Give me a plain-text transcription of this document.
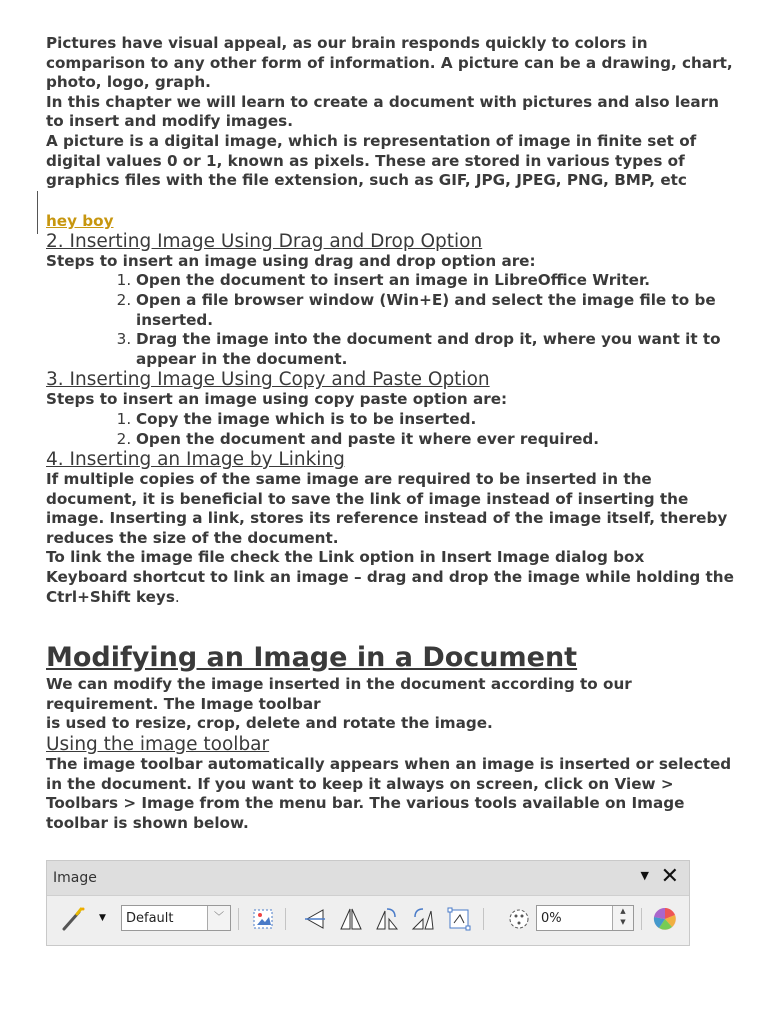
Pictures have visual appeal, as our brain responds quickly to colors in comparison to any other form of information. A picture can be a drawing, chart, photo, logo, graph.

In this chapter we will learn to create a document with pictures and also learn to insert and modify images.

A picture is a digital image, which is representation of image in finite set of digital values 0 or 1, known as pixels. These are stored in various types of graphics files with the file extension, such as GIF, JPG, JPEG, PNG, BMP, etc

hey boy
2. Inserting Image Using Drag and Drop Option

Steps to insert an image using drag and drop option are:

1. Open the document to insert an image in LibreOffice Writer.
2. Open a file browser window (Win+E) and select the image file to be inserted.
3. Drag the image into the document and drop it, where you want it to appear in the document.
3. Inserting Image Using Copy and Paste Option

Steps to insert an image using copy paste option are:

1. Copy the image which is to be inserted.
2. Open the document and paste it where ever required.
4. Inserting an Image by Linking

If multiple copies of the same image are required to be inserted in the document, it is beneficial to save the link of image instead of inserting the image. Inserting a link, stores its reference instead of the image itself, thereby reduces the size of the document.

To link the image file check the Link option in Insert Image dialog box

Keyboard shortcut to link an image – drag and drop the image while holding the Ctrl+Shift keys.

Modifying an Image in a Document

We can modify the image inserted in the document according to our requirement. The Image toolbar

is used to resize, crop, delete and rotate the image.

Using the image toolbar

The image toolbar automatically appears when an image is inserted or selected in the document. If you want to keep it always on screen, click on View > Toolbars > Image from the menu bar. The various tools available on Image toolbar is shown below.

Image	▼ ✕
▼ Default	﹀	0%	▲
▼
